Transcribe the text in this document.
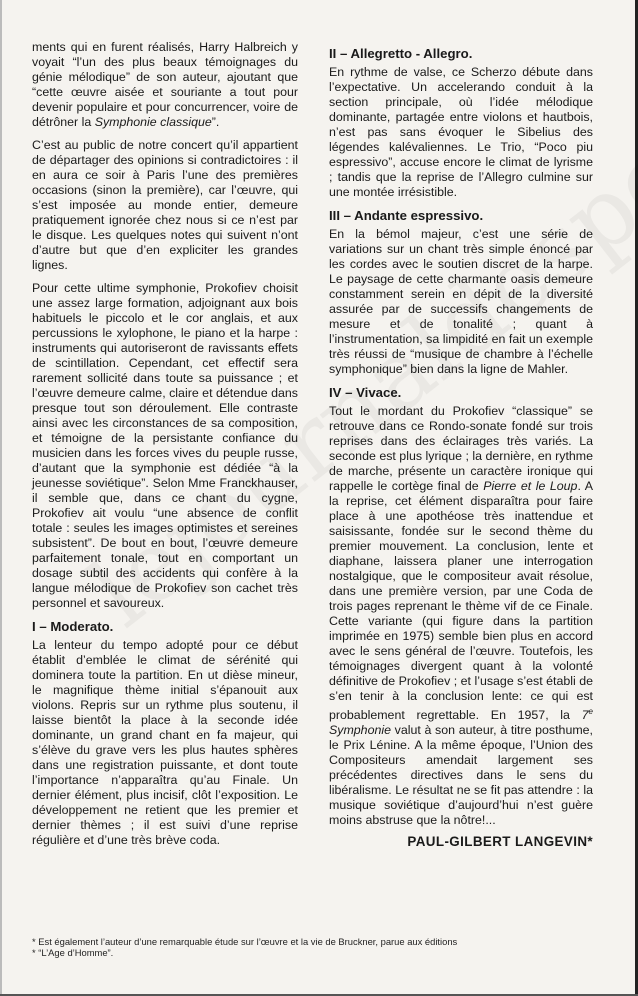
ments qui en furent réalisés, Harry Halbreich y voyait “l’un des plus beaux témoignages du génie mélodique” de son auteur, ajoutant que “cette œuvre aisée et souriante a tout pour devenir populaire et pour concurrencer, voire de détrôner la Symphonie classique”.

C’est au public de notre concert qu’il appartient de départager des opinions si contradictoires : il en aura ce soir à Paris l’une des premières occasions (sinon la première), car l’œuvre, qui s’est imposée au monde entier, demeure pratiquement ignorée chez nous si ce n’est par le disque. Les quelques notes qui suivent n’ont d’autre but que d’en expliciter les grandes lignes.

Pour cette ultime symphonie, Prokofiev choisit une assez large formation, adjoignant aux bois habituels le piccolo et le cor anglais, et aux percussions le xylophone, le piano et la harpe : instruments qui autoriseront de ravissants effets de scintillation. Cependant, cet effectif sera rarement sollicité dans toute sa puissance ; et l’œuvre demeure calme, claire et détendue dans presque tout son déroulement. Elle contraste ainsi avec les circonstances de sa composition, et témoigne de la persistante confiance du musicien dans les forces vives du peuple russe, d’autant que la symphonie est dédiée “à la jeunesse soviétique”. Selon Mme Franckhauser, il semble que, dans ce chant du cygne, Prokofiev ait voulu “une absence de conflit totale : seules les images optimistes et sereines subsistent”. De bout en bout, l’œuvre demeure parfaitement tonale, tout en comportant un dosage subtil des accidents qui confère à la langue mélodique de Prokofiev son cachet très personnel et savoureux.

I – Moderato.

La lenteur du tempo adopté pour ce début établit d’emblée le climat de sérénité qui dominera toute la partition. En ut dièse mineur, le magnifique thème initial s’épanouit aux violons. Repris sur un rythme plus soutenu, il laisse bientôt la place à la seconde idée dominante, un grand chant en fa majeur, qui s’élève du grave vers les plus hautes sphères dans une registration puissante, et dont toute l’importance n’apparaîtra qu’au Finale. Un dernier élément, plus incisif, clôt l’exposition. Le développement ne retient que les premier et dernier thèmes ; il est suivi d’une reprise régulière et d’une très brève coda.

II – Allegretto - Allegro.

En rythme de valse, ce Scherzo débute dans l’expectative. Un accelerando conduit à la section principale, où l’idée mélodique dominante, partagée entre violons et hautbois, n’est pas sans évoquer le Sibelius des légendes kalévaliennes. Le Trio, “Poco piu espressivo”, accuse encore le climat de lyrisme ; tandis que la reprise de l’Allegro culmine sur une montée irrésistible.

III – Andante espressivo.

En la bémol majeur, c’est une série de variations sur un chant très simple énoncé par les cordes avec le soutien discret de la harpe. Le paysage de cette charmante oasis demeure constamment serein en dépit de la diversité assurée par de successifs changements de mesure et de tonalité ; quant à l’instrumentation, sa limpidité en fait un exemple très réussi de “musique de chambre à l’échelle symphonique” bien dans la ligne de Mahler.

IV – Vivace.

Tout le mordant du Prokofiev “classique” se retrouve dans ce Rondo-sonate fondé sur trois reprises dans des éclairages très variés. La seconde est plus lyrique ; la dernière, en rythme de marche, présente un caractère ironique qui rappelle le cortège final de Pierre et le Loup. A la reprise, cet élément disparaîtra pour faire place à une apothéose très inattendue et saisissante, fondée sur le second thème du premier mouvement. La conclusion, lente et diaphane, laissera planer une interrogation nostalgique, que le compositeur avait résolue, dans une première version, par une Coda de trois pages reprenant le thème vif de ce Finale. Cette variante (qui figure dans la partition imprimée en 1975) semble bien plus en accord avec le sens général de l’œuvre. Toutefois, les témoignages divergent quant à la volonté définitive de Prokofiev ; et l’usage s’est établi de s’en tenir à la conclusion lente: ce qui est probablement regrettable. En 1957, la 7e Symphonie valut à son auteur, à titre posthume, le Prix Lénine. A la même époque, l’Union des Compositeurs amendait largement ses précédentes directives dans le sens du libéralisme. Le résultat ne se fit pas attendre : la musique soviétique d’aujourd’hui n’est guère moins abstruse que la nôtre!...

PAUL-GILBERT LANGEVIN*
* Est également l’auteur d’une remarquable étude sur l’œuvre et la vie de Bruckner, parue aux éditions
* “L’Age d’Homme”.
